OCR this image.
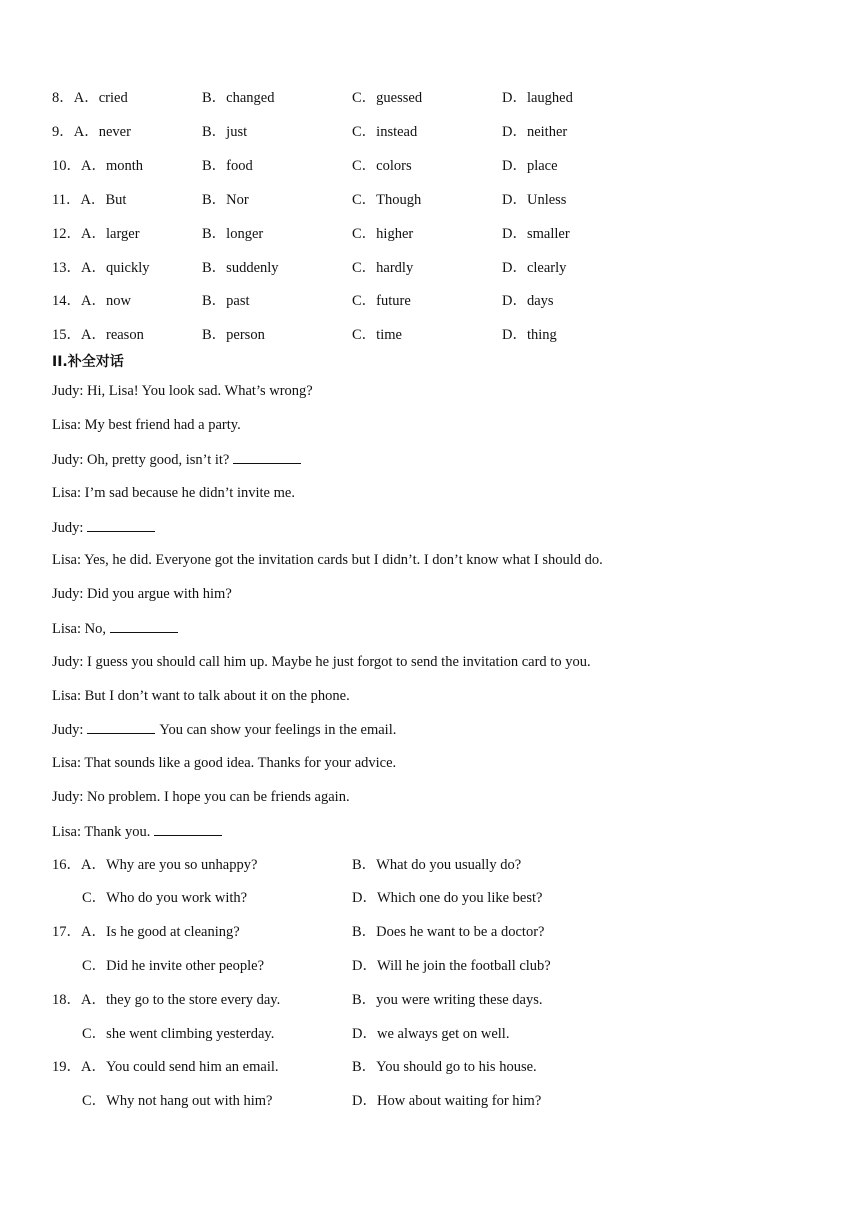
8．A．cried	B．changed	C．guessed	D．laughed
9．A．never	B．just	C．instead	D．neither
10．A．month	B．food	C．colors	D．place
11．A．But	B．Nor	C．Though	D．Unless
12．A．larger	B．longer	C．higher	D．smaller
13．A．quickly	B．suddenly	C．hardly	D．clearly
14．A．now	B．past	C．future	D．days
15．A．reason	B．person	C．time	D．thing
II.补全对话
Judy: Hi, Lisa! You look sad. What’s wrong?
Lisa: My best friend had a party.
Judy: Oh, pretty good, isn’t it?
Lisa: I’m sad because he didn’t invite me.
Judy:
Lisa: Yes, he did. Everyone got the invitation cards but I didn’t. I don’t know what I should do.
Judy: Did you argue with him?
Lisa: No,
Judy: I guess you should call him up. Maybe he just forgot to send the invitation card to you.
Lisa: But I don’t want to talk about it on the phone.
Judy:	You can show your feelings in the email.
Lisa: That sounds like a good idea. Thanks for your advice.
Judy: No problem. I hope you can be friends again.
Lisa: Thank you.
16．A．Why are you so unhappy?	B．What do you usually do?
C．Who do you work with?	D．Which one do you like best?
17．A．Is he good at cleaning?	B．Does he want to be a doctor?
C．Did he invite other people?	D．Will he join the football club?
18．A．they go to the store every day.	B．you were writing these days.
C．she went climbing yesterday.	D．we always get on well.
19．A．You could send him an email.	B．You should go to his house.
C．Why not hang out with him?	D．How about waiting for him?
